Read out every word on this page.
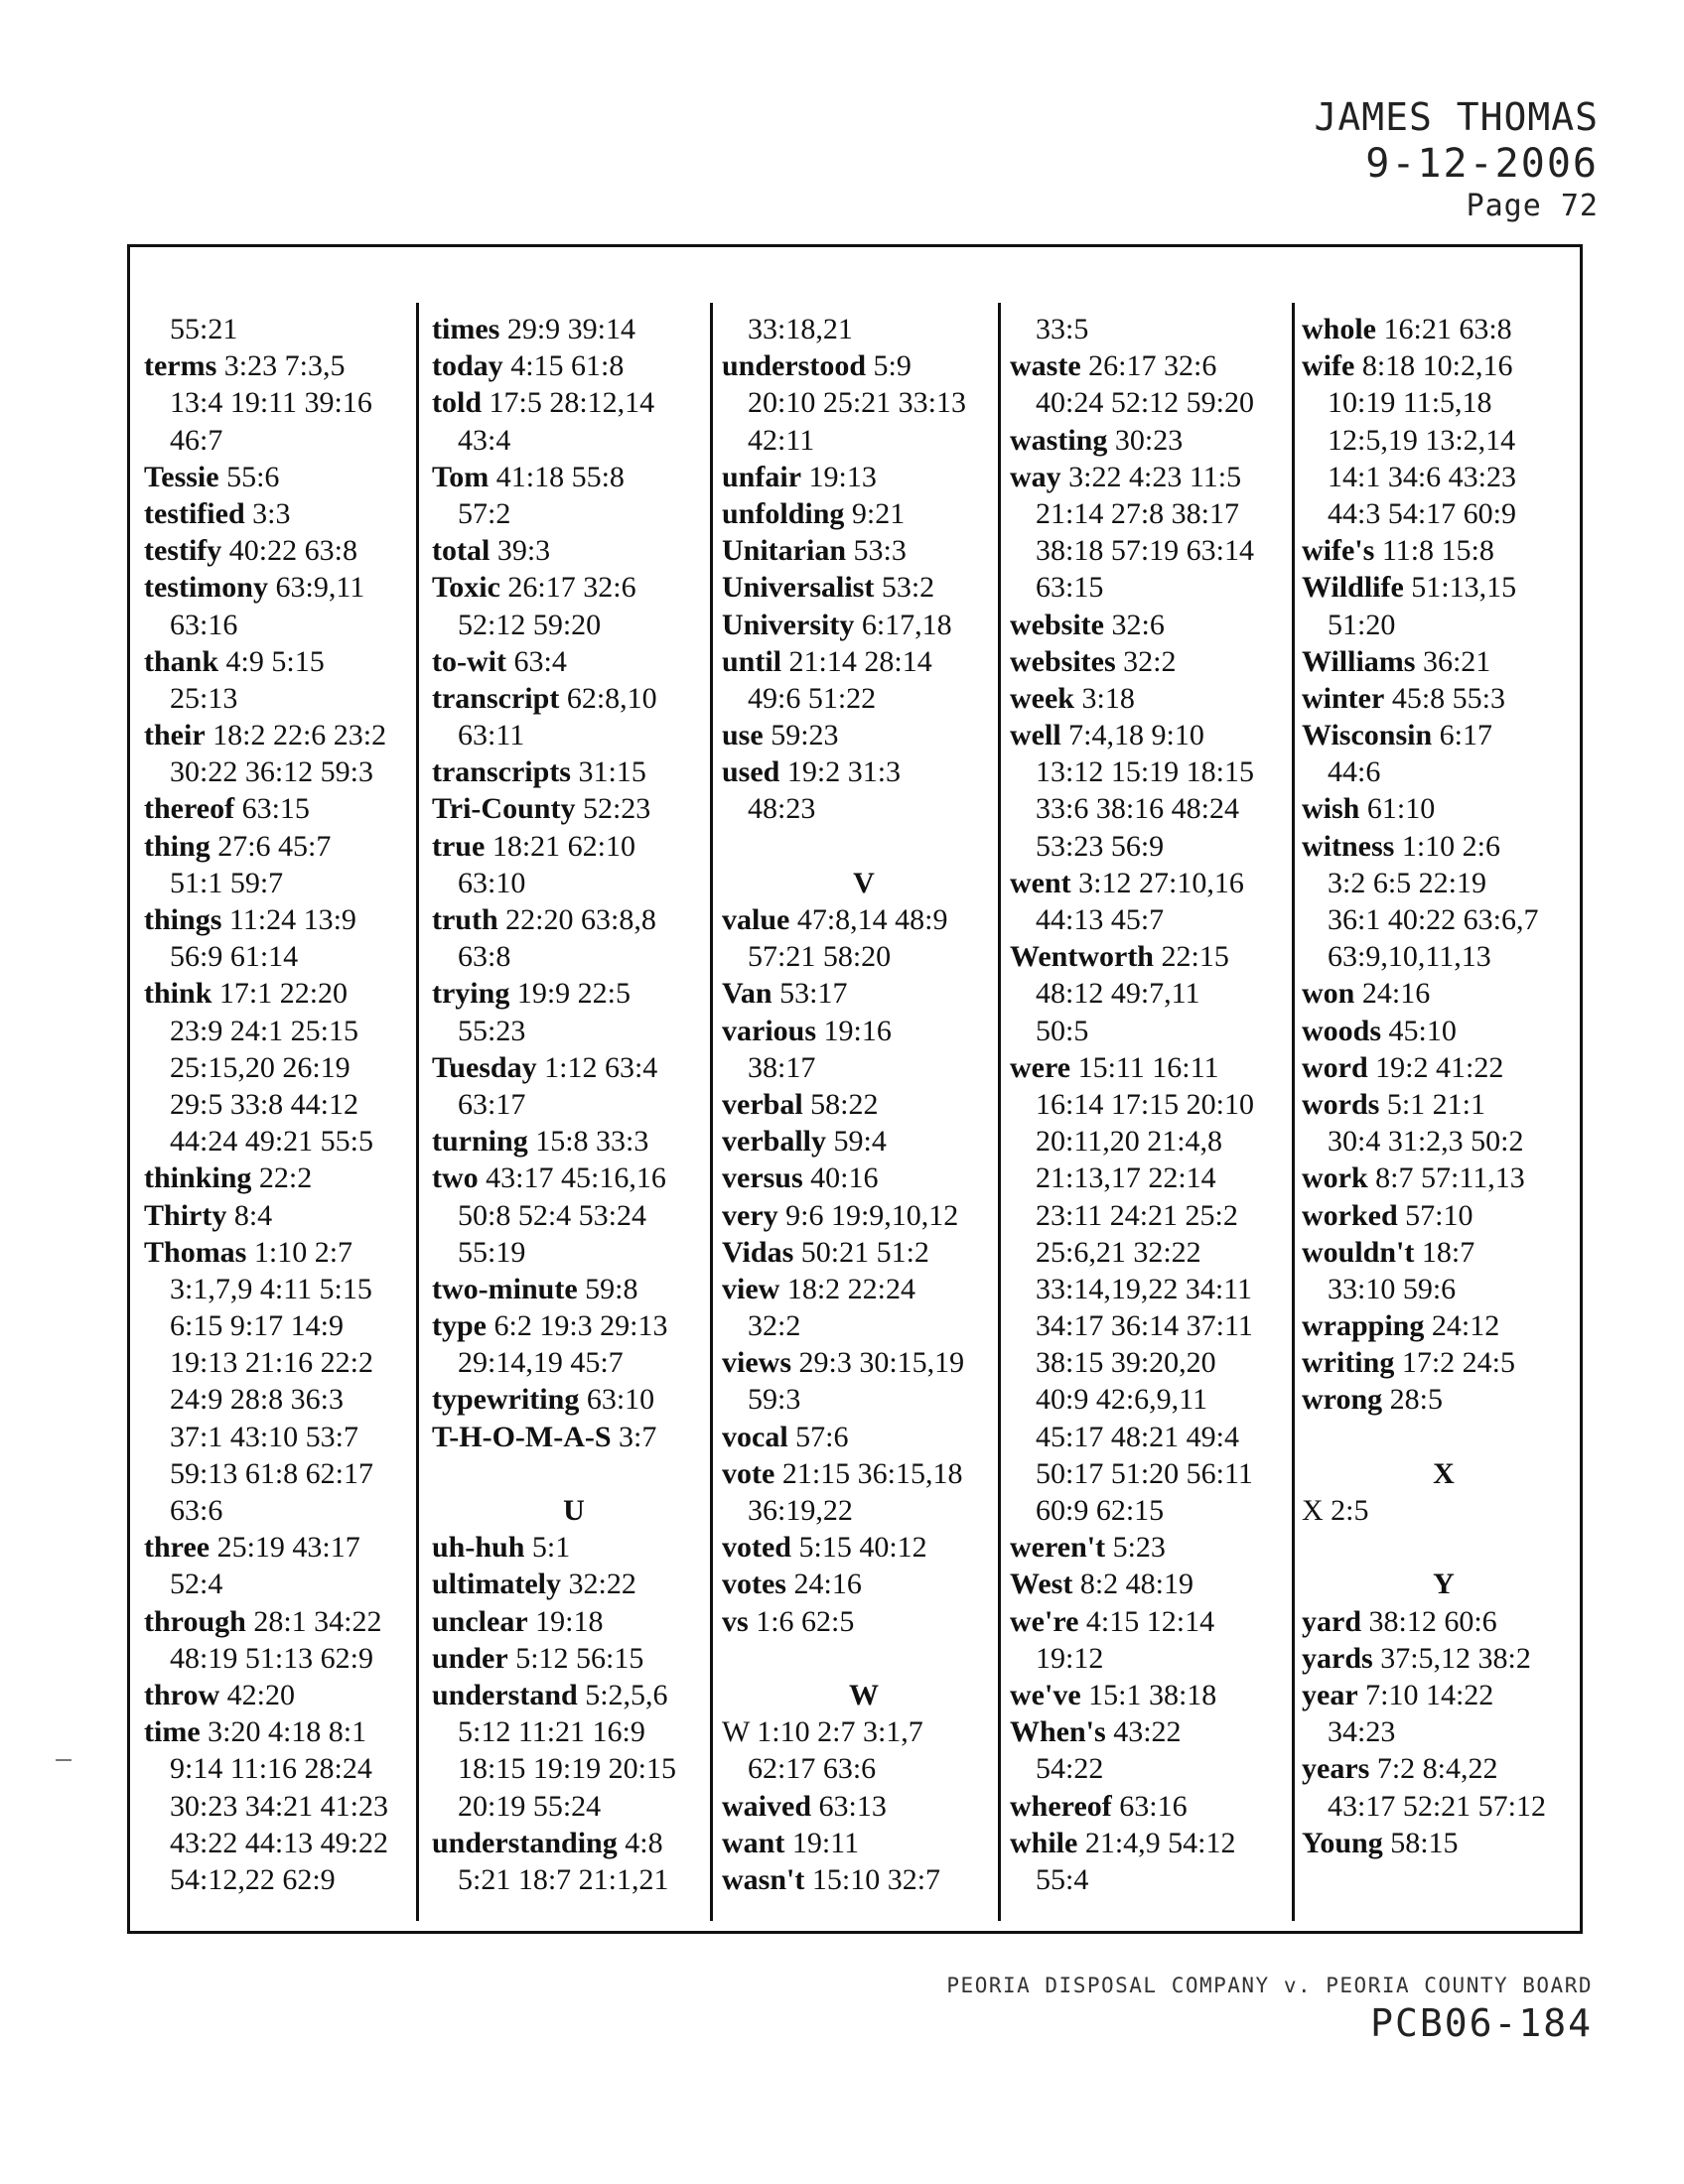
JAMES THOMAS
9-12-2006
Page 72
55:21
terms 3:23 7:3,5
13:4 19:11 39:16
46:7
Tessie 55:6
testified 3:3
testify 40:22 63:8
testimony 63:9,11
63:16
thank 4:9 5:15
25:13
their 18:2 22:6 23:2
30:22 36:12 59:3
thereof 63:15
thing 27:6 45:7
51:1 59:7
things 11:24 13:9
56:9 61:14
think 17:1 22:20
23:9 24:1 25:15
25:15,20 26:19
29:5 33:8 44:12
44:24 49:21 55:5
thinking 22:2
Thirty 8:4
Thomas 1:10 2:7
3:1,7,9 4:11 5:15
6:15 9:17 14:9
19:13 21:16 22:2
24:9 28:8 36:3
37:1 43:10 53:7
59:13 61:8 62:17
63:6
three 25:19 43:17
52:4
through 28:1 34:22
48:19 51:13 62:9
throw 42:20
time 3:20 4:18 8:1
9:14 11:16 28:24
30:23 34:21 41:23
43:22 44:13 49:22
54:12,22 62:9
times 29:9 39:14
today 4:15 61:8
told 17:5 28:12,14
43:4
Tom 41:18 55:8
57:2
total 39:3
Toxic 26:17 32:6
52:12 59:20
to-wit 63:4
transcript 62:8,10
63:11
transcripts 31:15
Tri-County 52:23
true 18:21 62:10
63:10
truth 22:20 63:8,8
63:8
trying 19:9 22:5
55:23
Tuesday 1:12 63:4
63:17
turning 15:8 33:3
two 43:17 45:16,16
50:8 52:4 53:24
55:19
two-minute 59:8
type 6:2 19:3 29:13
29:14,19 45:7
typewriting 63:10
T-H-O-M-A-S 3:7
U
uh-huh 5:1
ultimately 32:22
unclear 19:18
under 5:12 56:15
understand 5:2,5,6
5:12 11:21 16:9
18:15 19:19 20:15
20:19 55:24
understanding 4:8
5:21 18:7 21:1,21
33:18,21
understood 5:9
20:10 25:21 33:13
42:11
unfair 19:13
unfolding 9:21
Unitarian 53:3
Universalist 53:2
University 6:17,18
until 21:14 28:14
49:6 51:22
use 59:23
used 19:2 31:3
48:23
V
value 47:8,14 48:9
57:21 58:20
Van 53:17
various 19:16
38:17
verbal 58:22
verbally 59:4
versus 40:16
very 9:6 19:9,10,12
Vidas 50:21 51:2
view 18:2 22:24
32:2
views 29:3 30:15,19
59:3
vocal 57:6
vote 21:15 36:15,18
36:19,22
voted 5:15 40:12
votes 24:16
vs 1:6 62:5
W
W 1:10 2:7 3:1,7
62:17 63:6
waived 63:13
want 19:11
wasn't 15:10 32:7
33:5
waste 26:17 32:6
40:24 52:12 59:20
wasting 30:23
way 3:22 4:23 11:5
21:14 27:8 38:17
38:18 57:19 63:14
63:15
website 32:6
websites 32:2
week 3:18
well 7:4,18 9:10
13:12 15:19 18:15
33:6 38:16 48:24
53:23 56:9
went 3:12 27:10,16
44:13 45:7
Wentworth 22:15
48:12 49:7,11
50:5
were 15:11 16:11
16:14 17:15 20:10
20:11,20 21:4,8
21:13,17 22:14
23:11 24:21 25:2
25:6,21 32:22
33:14,19,22 34:11
34:17 36:14 37:11
38:15 39:20,20
40:9 42:6,9,11
45:17 48:21 49:4
50:17 51:20 56:11
60:9 62:15
weren't 5:23
West 8:2 48:19
we're 4:15 12:14
19:12
we've 15:1 38:18
When's 43:22
54:22
whereof 63:16
while 21:4,9 54:12
55:4
whole 16:21 63:8
wife 8:18 10:2,16
10:19 11:5,18
12:5,19 13:2,14
14:1 34:6 43:23
44:3 54:17 60:9
wife's 11:8 15:8
Wildlife 51:13,15
51:20
Williams 36:21
winter 45:8 55:3
Wisconsin 6:17
44:6
wish 61:10
witness 1:10 2:6
3:2 6:5 22:19
36:1 40:22 63:6,7
63:9,10,11,13
won 24:16
woods 45:10
word 19:2 41:22
words 5:1 21:1
30:4 31:2,3 50:2
work 8:7 57:11,13
worked 57:10
wouldn't 18:7
33:10 59:6
wrapping 24:12
writing 17:2 24:5
wrong 28:5
X
X 2:5
Y
yard 38:12 60:6
yards 37:5,12 38:2
year 7:10 14:22
34:23
years 7:2 8:4,22
43:17 52:21 57:12
Young 58:15
PEORIA DISPOSAL COMPANY v. PEORIA COUNTY BOARD
PCB06-184
